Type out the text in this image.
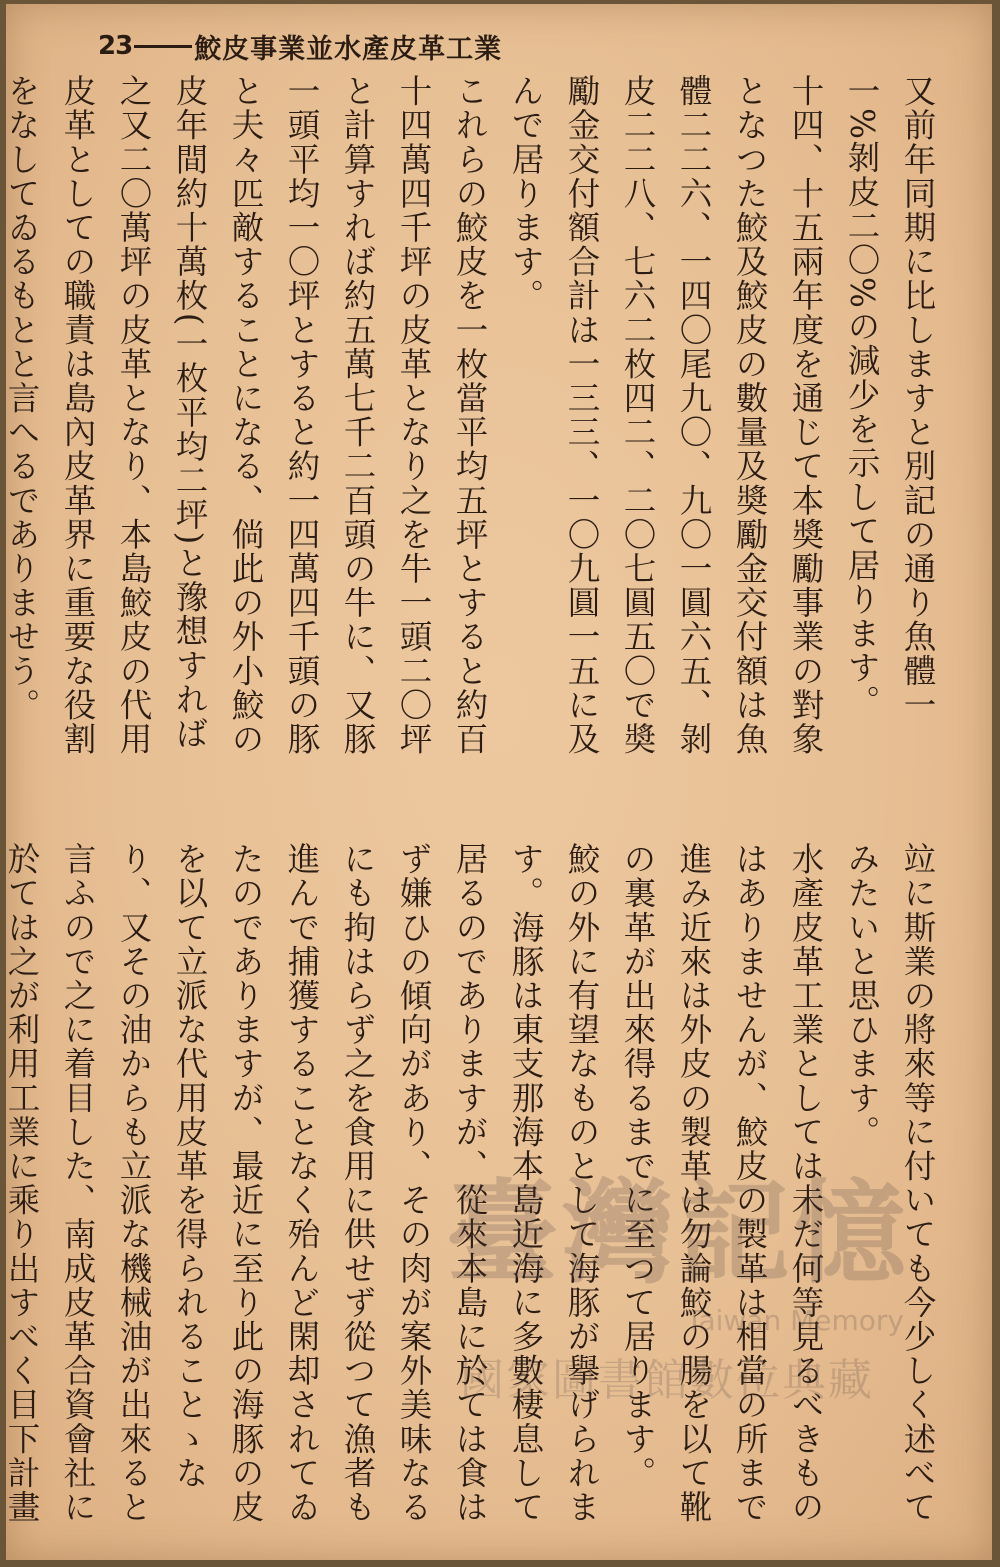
23 鮫皮事業並水產皮革工業

又前年同期に比しますと別記の通り魚體一一%剝皮二〇%の減少を示して居ります。

十四、十五兩年度を通じて本奬勵事業の對象となつた鮫及鮫皮の數量及奬勵金交付額は魚體二二六、一四〇尾九〇、九〇一圓六五、剝皮二二八、七六二枚四二、二〇七圓五〇で奬勵金交付額合計は一三三、一〇九圓一五に及んで居ります。

これらの鮫皮を一枚當平均五坪とすると約百十四萬四千坪の皮革となり之を牛一頭二〇坪と計算すれば約五萬七千二百頭の牛に、又豚一頭平均一〇坪とすると約一四萬四千頭の豚と夫々匹敵することになる、倘此の外小鮫の皮年間約十萬枚(一枚平均二坪)と豫想すれば之又二〇萬坪の皮革となり、本島鮫皮の代用皮革としての職責は島內皮革界に重要な役割をなしてゐるもとと言へるでありませう。

竝に斯業の將來等に付いても今少しく述べてみたいと思ひます。

水產皮革工業としては未だ何等見るべきものはありませんが、鮫皮の製革は相當の所まで進み近來は外皮の製革は勿論鮫の腸を以て靴の裏革が出來得るまでに至つて居ります。

鮫の外に有望なものとして海豚が擧げられます。海豚は東支那海本島近海に多數棲息して居るのでありますが、從來本島に於ては食はず嫌ひの傾向があり、その肉が案外美味なるにも拘はらず之を食用に供せず從つて漁者も進んで捕獲することなく殆んど閑却されてゐたのでありますが、最近に至り此の海豚の皮を以て立派な代用皮革を得られることゝなり、又その油からも立派な機械油が出來ると言ふので之に着目した、南成皮革合資會社に於ては之が利用工業に乘り出すべく目下計畫

臺灣記憶
Taiwan Memory
國家圖書館數位典藏
